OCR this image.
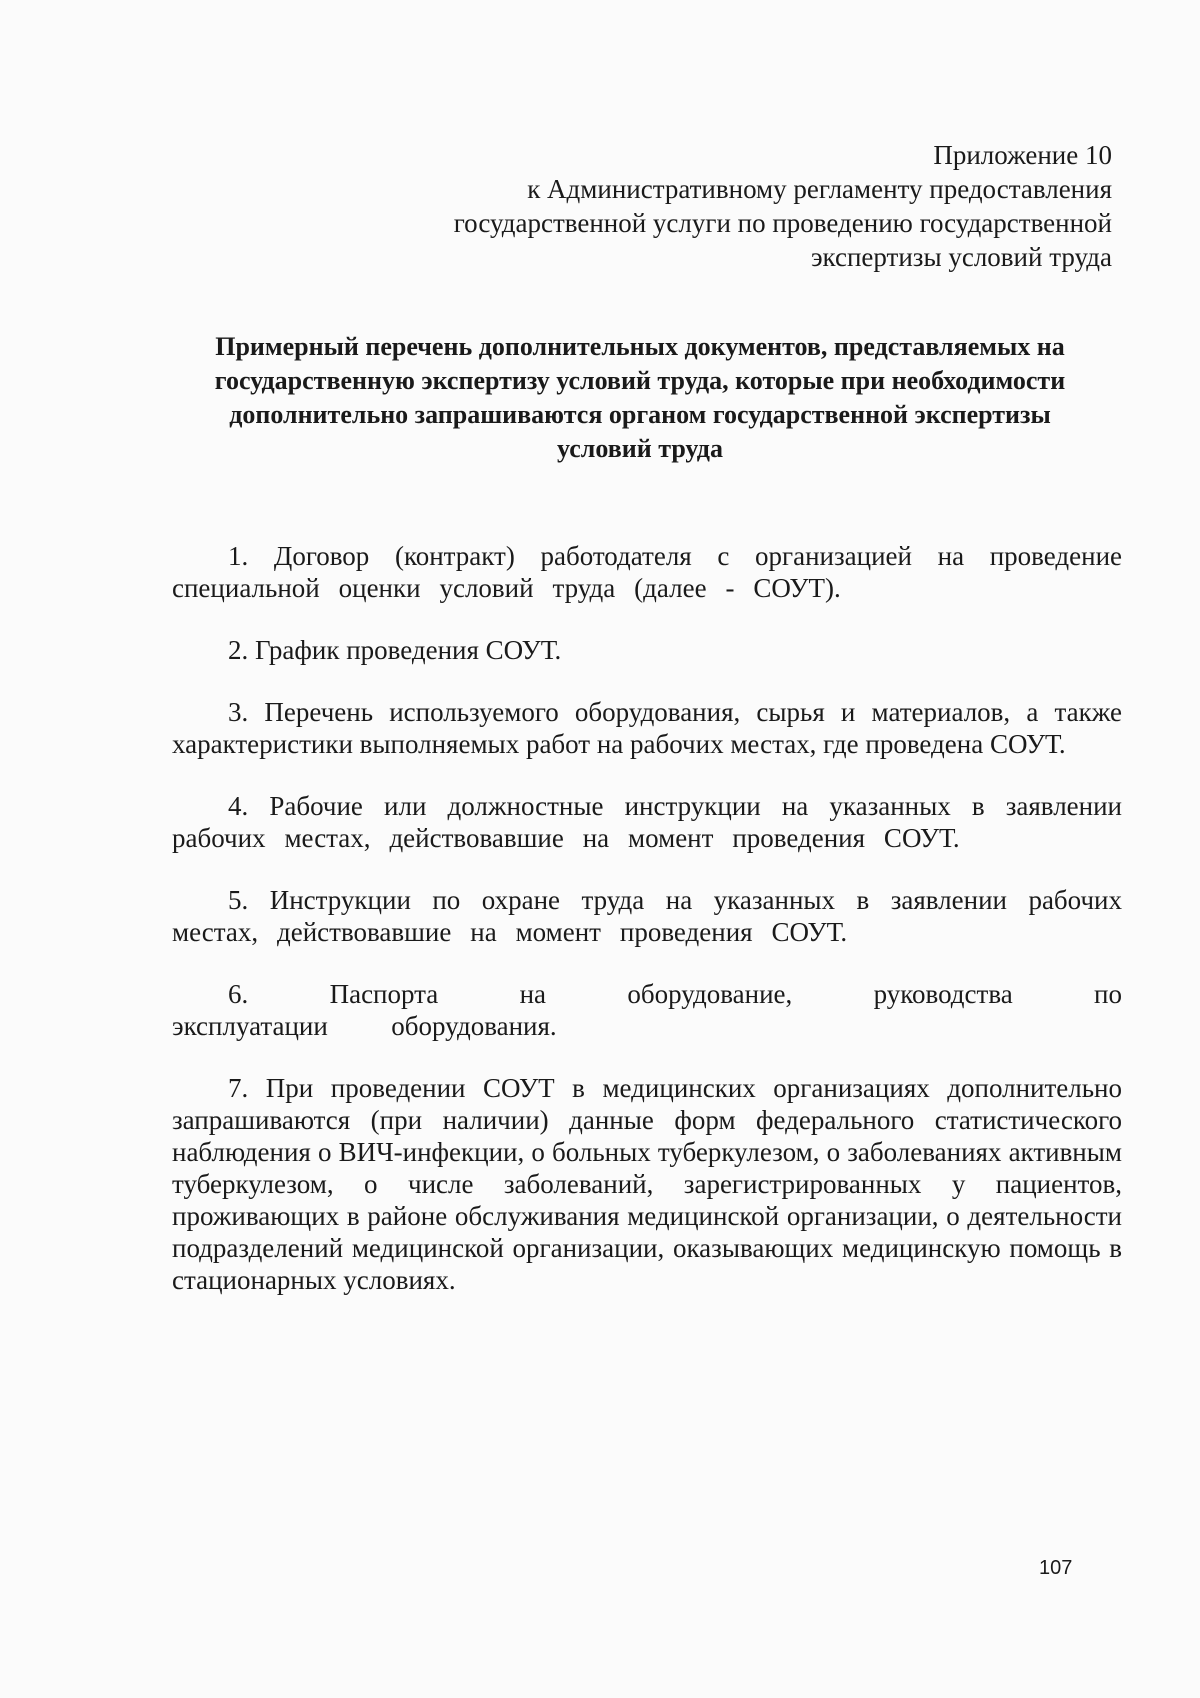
Приложение 10
к Административному регламенту предоставления
государственной услуги по проведению государственной
экспертизы условий труда
Примерный перечень дополнительных документов, представляемых на
государственную экспертизу условий труда, которые при необходимости
дополнительно запрашиваются органом государственной экспертизы
условий труда

1. Договор (контракт) работодателя с организацией на проведение специальной оценки условий труда (далее - СОУТ).

2. График проведения СОУТ.

3. Перечень используемого оборудования, сырья и материалов, а также характеристики выполняемых работ на рабочих местах, где проведена СОУТ.

4. Рабочие или должностные инструкции на указанных в заявлении рабочих местах, действовавшие на момент проведения СОУТ.

5. Инструкции по охране труда на указанных в заявлении рабочих местах, действовавшие на момент проведения СОУТ.

6. Паспорта на оборудование, руководства по эксплуатации оборудования.

7. При проведении СОУТ в медицинских организациях дополнительно запрашиваются (при наличии) данные форм федерального статистического наблюдения о ВИЧ-инфекции, о больных туберкулезом, о заболеваниях активным туберкулезом, о числе заболеваний, зарегистрированных у пациентов, проживающих в районе обслуживания медицинской организации, о деятельности подразделений медицинской организации, оказывающих медицинскую помощь в стационарных условиях.

107
